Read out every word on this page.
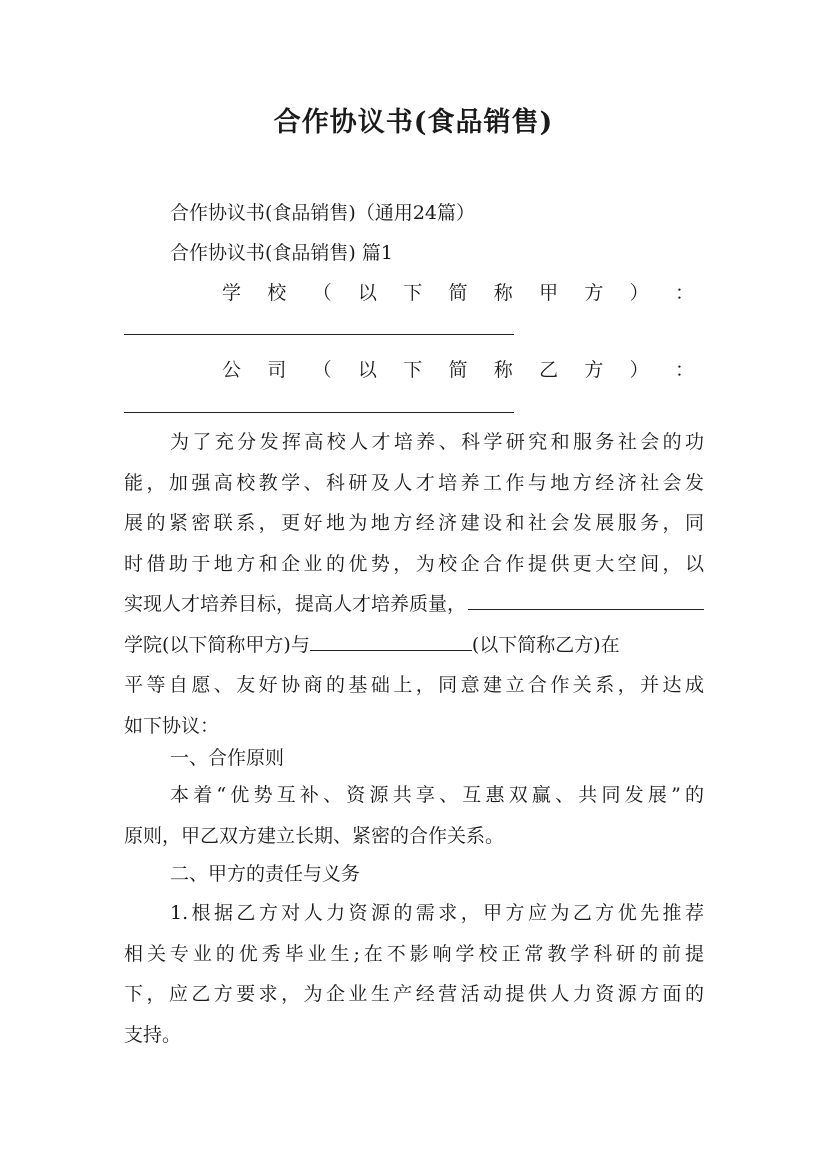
合作协议书(食品销售)
合作协议书(食品销售)（通用24篇）
合作协议书(食品销售) 篇1
学 校 （ 以 下 简 称 甲 方 ） ：
公 司 （ 以 下 简 称 乙 方 ） ：
为了充分发挥高校人才培养、科学研究和服务社会的功
能，加强高校教学、科研及人才培养工作与地方经济社会发
展的紧密联系，更好地为地方经济建设和社会发展服务，同
时借助于地方和企业的优势，为校企合作提供更大空间，以
实现人才培养目标，提高人才培养质量，
学院(以下简称甲方)与	(以下简称乙方)在
平等自愿、友好协商的基础上，同意建立合作关系，并达成
如下协议：
一、合作原则
本着“优势互补、资源共享、互惠双赢、共同发展”的
原则，甲乙双方建立长期、紧密的合作关系。
二、甲方的责任与义务
1.根据乙方对人力资源的需求，甲方应为乙方优先推荐
相关专业的优秀毕业生;在不影响学校正常教学科研的前提
下，应乙方要求，为企业生产经营活动提供人力资源方面的
支持。
